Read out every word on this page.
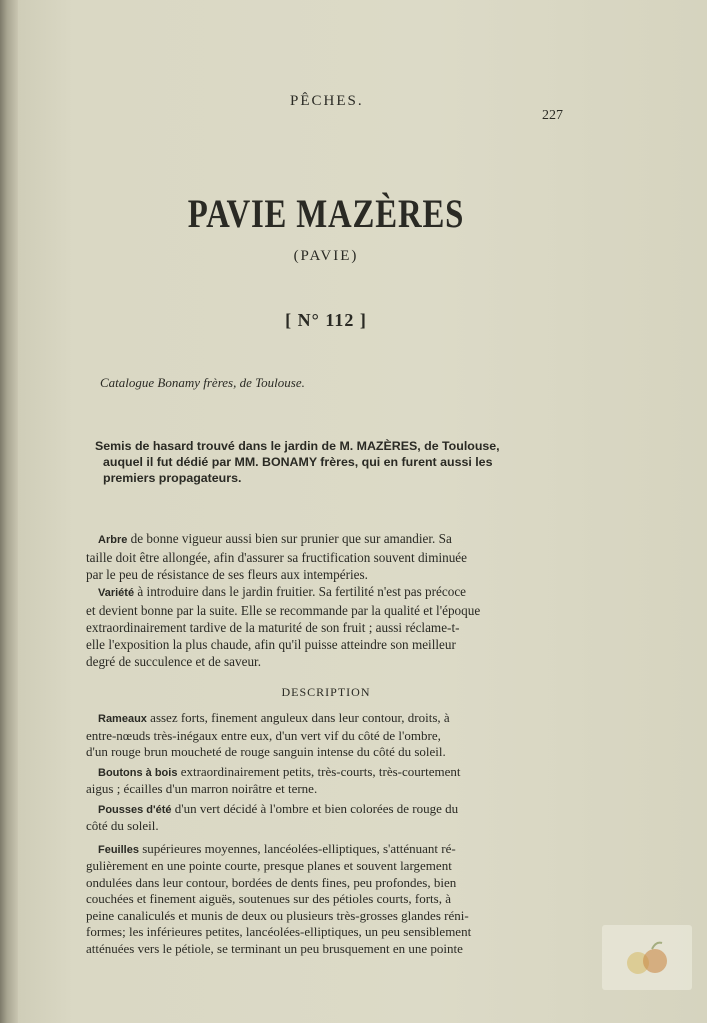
PÊCHES.
227
PAVIE MAZÈRES
(PAVIE)
[ N° 112 ]
Catalogue Bonamy frères, de Toulouse.
Semis de hasard trouvé dans le jardin de M. MAZÈRES, de Toulouse,
auquel il fut dédié par MM. BONAMY frères, qui en furent aussi les
premiers propagateurs.
Arbre de bonne vigueur aussi bien sur prunier que sur amandier. Sa
taille doit être allongée, afin d'assurer sa fructification souvent diminuée
par le peu de résistance de ses fleurs aux intempéries.
Variété à introduire dans le jardin fruitier. Sa fertilité n'est pas précoce
et devient bonne par la suite. Elle se recommande par la qualité et l'époque
extraordinairement tardive de la maturité de son fruit ; aussi réclame-t-
elle l'exposition la plus chaude, afin qu'il puisse atteindre son meilleur
degré de succulence et de saveur.
DESCRIPTION
Rameaux assez forts, finement anguleux dans leur contour, droits, à
entre-nœuds très-inégaux entre eux, d'un vert vif du côté de l'ombre,
d'un rouge brun moucheté de rouge sanguin intense du côté du soleil.
Boutons à bois extraordinairement petits, très-courts, très-courtement
aigus ; écailles d'un marron noirâtre et terne.
Pousses d'été d'un vert décidé à l'ombre et bien colorées de rouge du
côté du soleil.
Feuilles supérieures moyennes, lancéolées-elliptiques, s'atténuant ré-
gulièrement en une pointe courte, presque planes et souvent largement
ondulées dans leur contour, bordées de dents fines, peu profondes, bien
couchées et finement aiguës, soutenues sur des pétioles courts, forts, à
peine canaliculés et munis de deux ou plusieurs très-grosses glandes réni-
formes; les inférieures petites, lancéolées-elliptiques, un peu sensiblement
atténuées vers le pétiole, se terminant un peu brusquement en une pointe
